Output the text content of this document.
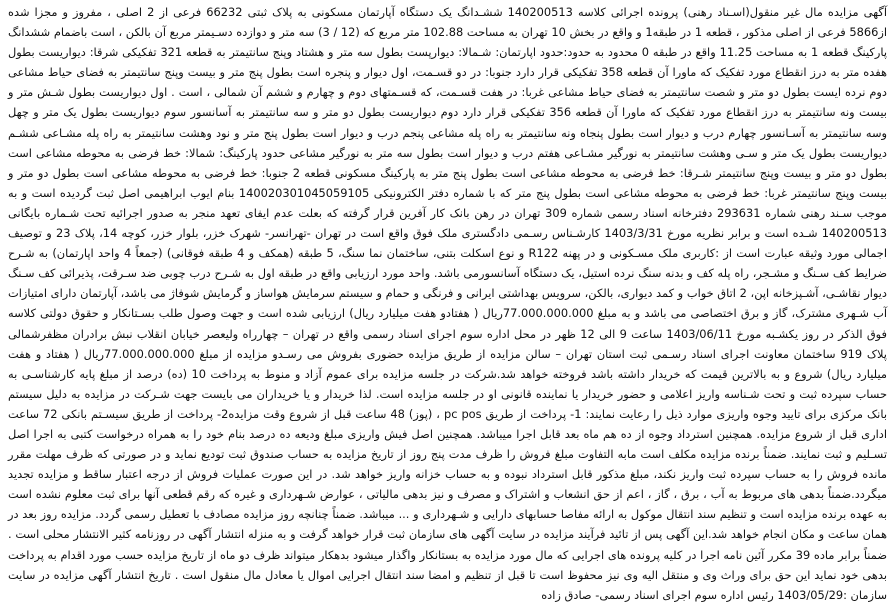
آگهی مزایده مال غیر منقول(اسـناد رهنی) پرونده اجرائی کلاسه 140200513 ششـدانگ یک دستگاه آپارتمان مسکونی به پلاک ثبتی 66232 فرعی از 2 اصلی ، مفروز و مجزا شده از5866 فرعی از اصلی مذکور ، قطعه 1 در طبقه1 و واقع در بخش 10 تهران به مساحت 102.88 متر مربع که (12 / 3) سه متر و دوازده دسـیمتر مربع آن بالکن ، است باضمام ششدانگ پارکینگ قطعه 1 به مساحت 11.25 واقع در طبقه 0 محدود به حدود:حدود اپارتمان: شـمالا: دیوارپست بطول سه متر و هشتاد وپنج سانتیمتر به قطعه 321 تفکیکی شرقا: دیواریست بطول هفده متر به درز انقطاع مورد تفکیک که ماورا آن قطعه 358 تفکیکی قرار دارد جنوبا: در دو قسـمت، اول دیوار و پنجره است بطول پنج متر و بیست وپنج سانتیمتر به فضای حیاط مشاعی دوم نرده ایست بطول دو متر و شصت سانتیمتر به فضای حیاط مشاعی غربا: در هفت قسـمت، که قسـمتهای دوم و چهارم و ششم آن شمالی ، است . اول دیواریست بطول شـش متر و بیست ونه سانتیمتر به درز انقطاع مورد تفکیک که ماورا آن قطعه 356 تفکیکی قرار دارد دوم دیواریست بطول دو متر و سه سانتیمتر به آسانسور سوم دیواریست بطول یک متر و چهل وسه سانتیمتر به آسـانسور چهارم درب و دیوار است بطول پنجاه ونه سانتیمتر به راه پله مشاعی پنجم درب و دیوار است بطول پنج متر و نود وهشت سانتیمتر به راه پله مشـاعی ششـم دیواریست بطول یک متر و سـی وهشت سانتیمتر به نورگیر مشـاعی هفتم درب و دیوار است بطول سه متر به نورگیر مشاعی حدود پارکینگ: شمالا: خط فرضی به محوطه مشاعی است بطول دو متر و بیست وپنج سانتیمتر شـرقا: خط فرضی به محوطه مشاعی است بطول پنج متر به پارکینگ مسکونی قطعه 2 جنوبا: خط فرضی به محوطه مشاعی است بطول دو متر و بیست وپنج سانتیمتر غربا: خط فرضی به محوطه مشاعی است بطول پنج متر که با شماره دفتر الکترونیکی 140020301045059105 بنام ایوب ابراهیمی اصل ثبت گردیده است و به موجب سـند رهنی شماره 293631 دفترخانه اسناد رسمی شماره 309 تهران در رهن بانک کار آفرین قرار گرفته که بعلت عدم ایفای تعهد منجر به صدور اجرائیه تحت شـماره بایگانی 140200513 شـده است و برابر نظریه مورخ 1403/3/31 کارشـناس رسـمی دادگستری ملک فوق واقع است در تهران -تهرانسر- شهرک خزر، بلوار خزر، کوچه 14، پلاک 23 و توصیف اجمالی مورد وثیقه عبارت است از :کاربری ملک مسـکونی و در پهنه R122 و نوع اسکلت بتنی، ساختمان نما سنگ، 5 طبقه (همکف و 4 طبقه فوقانی) (جمعاً 4 واحد اپارتمان) به شـرح ضرایط کف سـنگ و مشـجر، راه پله کف و بدنه سنگ نرده استیل، یک دستگاه آسانسورمی باشد. واحد مورد ارزیابی واقع در طبقه اول به شـرح درب چوبی ضد سـرقت، پذیرائی کف سـنگ دیوار نقاشـی، آشـپزخانه اپن، 2 اتاق خواب و کمد دیواری، بالکن، سرویس بهداشتی ایرانی و فرنگی و حمام و سیستم سرمایش هواساز و گرمایش شوفاژ می باشد، آپارتمان دارای امتیازات آب شـهری مشترک، گاز و برق اختصاصی می باشد و به مبلغ 77.000.000.000ریال ( هفتادو هفت میلیارد ریال) ارزیابی شده است و جهت وصول طلب بسـتانکار و حقوق دولتی کلاسه فوق الذکر در روز یکشـبه مورخ 1403/06/11 ساعت 9 الی 12 ظهر در محل اداره سوم اجرای اسناد رسمی واقع در تهران – چهارراه ولیعصر خیابان انقلاب نبش برادران مظفرشمالی پلاک 919 ساختمان معاونت اجرای اسناد رسـمی ثبت استان تهران – سالن مزایده از طریق مزایده حضوری بفروش می رسـدو مزایده از مبلغ 77.000.000.000ریال ( هفتاد و هفت میلیارد ریال) شروع و به بالاترین قیمت که خریدار داشته باشد فروخته خواهد شد.شرکت در جلسه مزایده برای عموم آزاد و منوط به پرداخت 10 (ده) درصد از مبلغ پایه کارشناسـی به حساب سپرده ثبت و تحت شـناسه واریز اعلامی و حضور خریدار یا نماینده قانونی او در جلسه مزایده است. لذا خریدار و یا خریداران می بایست جهت شـرکت در مزایده به دلیل سیستم بانک مرکزی برای تایید وجوه واریزی موارد ذیل را رعایت نمایند: 1- پرداخت از طریق pc pos ، (پوز) 48 ساعت قبل از شروع وقت مزایده2- پرداخت از طریق سیسـتم بانکی 72 ساعت اداری قبل از شروع مزایده. همچنین استرداد وجوه از ده هم ماه بعد قابل اجرا میباشد. همچنین اصل فیش واریزی مبلغ ودیعه ده درصد بنام خود را به همراه درخواست کتبی به اجرا اصل تسـلیم و ثبت نمایند. ضمناً برنده مزایده مکلف است مابه التفاوت مبلغ فروش را ظرف مدت پنج روز از تاریخ مزایده به حساب صندوق ثبت تودیع نماید و در صورتی که ظرف مهلت مقرر مانده فروش را به حساب سپرده ثبت واریز نکند، مبلغ مذکور قابل استرداد نبوده و به حساب خزانه واریز خواهد شد. در این صورت عملیات فروش از درجه اعتبار ساقط و مزایده تجدید میگردد.ضمناً بدهی های مربوط به آب ، برق ، گاز ، اعم از حق انشعاب و اشتراک و مصرف و نیز بدهی مالیاتی ، عوارض شـهرداری و غیره که رقم قطعی آنها برای ثبت معلوم نشده است به عهده برنده مزایده است و تنظیم سند انتقال موکول به ارائه مفاصا حسابهای دارایی و شـهرداری و ... میباشد. ضمناً چنانچه روز مزایده مصادف با تعطیل رسمی گردد. مزایده روز بعد در همان ساعت و مکان انجام خواهد شد.این آگهی پس از تائید فرآیند مزایده در سایت آگهی های سازمان ثبت قرار خواهد گرفت و به منزله انتشار آگهی در روزنامه کثیر الانتشار محلی است . ضمناً برابر ماده 39 مکرر آئین نامه اجرا در کلیه پرونده های اجرایی که مال مورد مزایده به بستانکار واگذار میشود بدهکار میتواند ظرف دو ماه از تاریخ مزایده حسب مورد اقدام به پرداخت بدهی خود نماید این حق برای وراث وی و منتقل الیه وی نیز محفوظ است تا قبل از تنظیم و امضا سند انتقال اجرایی اموال یا معادل مال منقول است . تاریخ انتشار آگهی مزایده در سایت سازمان :1403/05/29 رئیس اداره سوم اجرای اسناد رسمی- صادق زاده
